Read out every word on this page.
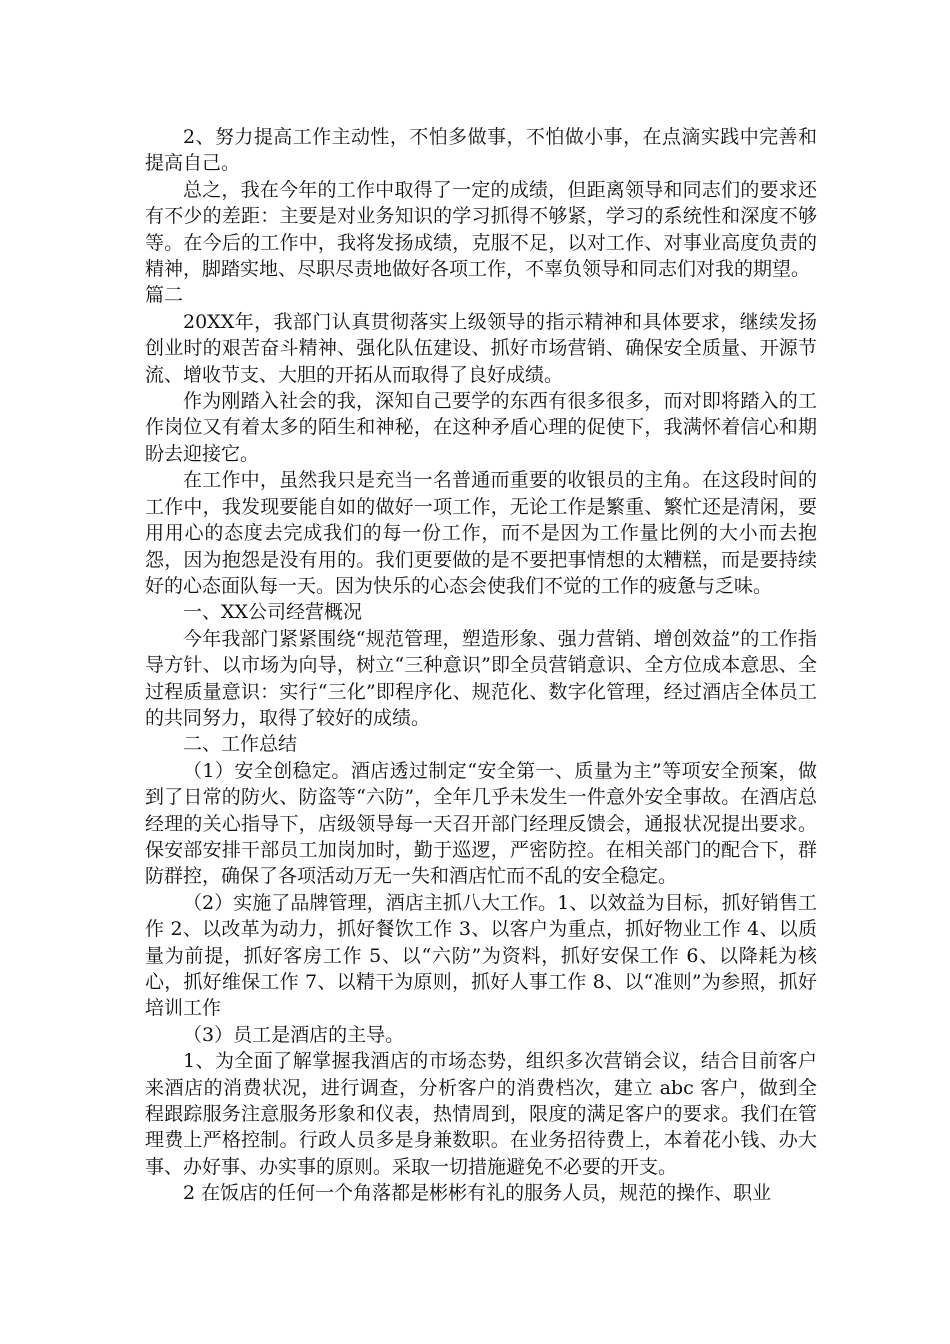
2、努力提高工作主动性，不怕多做事，不怕做小事，在点滴实践中完善和提高自己。

总之，我在今年的工作中取得了一定的成绩，但距离领导和同志们的要求还有不少的差距：主要是对业务知识的学习抓得不够紧，学习的系统性和深度不够等。在今后的工作中，我将发扬成绩，克服不足，以对工作、对事业高度负责的精神，脚踏实地、尽职尽责地做好各项工作，不辜负领导和同志们对我的期望。

篇二

20XX年，我部门认真贯彻落实上级领导的指示精神和具体要求，继续发扬创业时的艰苦奋斗精神、强化队伍建设、抓好市场营销、确保安全质量、开源节流、增收节支、大胆的开拓从而取得了良好成绩。

作为刚踏入社会的我，深知自己要学的东西有很多很多，而对即将踏入的工作岗位又有着太多的陌生和神秘，在这种矛盾心理的促使下，我满怀着信心和期盼去迎接它。

在工作中，虽然我只是充当一名普通而重要的收银员的主角。在这段时间的工作中，我发现要能自如的做好一项工作，无论工作是繁重、繁忙还是清闲，要用用心的态度去完成我们的每一份工作，而不是因为工作量比例的大小而去抱怨，因为抱怨是没有用的。我们更要做的是不要把事情想的太糟糕，而是要持续好的心态面队每一天。因为快乐的心态会使我们不觉的工作的疲惫与乏味。

一、XX公司经营概况

今年我部门紧紧围绕“规范管理，塑造形象、强力营销、增创效益”的工作指导方针、以市场为向导，树立“三种意识”即全员营销意识、全方位成本意思、全过程质量意识：实行“三化”即程序化、规范化、数字化管理，经过酒店全体员工的共同努力，取得了较好的成绩。

二、工作总结

（1）安全创稳定。酒店透过制定“安全第一、质量为主”等项安全预案，做到了日常的防火、防盗等“六防”，全年几乎未发生一件意外安全事故。在酒店总经理的关心指导下，店级领导每一天召开部门经理反馈会，通报状况提出要求。保安部安排干部员工加岗加时，勤于巡逻，严密防控。在相关部门的配合下，群防群控，确保了各项活动万无一失和酒店忙而不乱的安全稳定。

（2）实施了品牌管理，酒店主抓八大工作。1、以效益为目标，抓好销售工作 2、以改革为动力，抓好餐饮工作 3、以客户为重点，抓好物业工作 4、以质量为前提，抓好客房工作 5、以“六防”为资料，抓好安保工作 6、以降耗为核心，抓好维保工作 7、以精干为原则，抓好人事工作 8、以“准则”为参照，抓好培训工作

（3）员工是酒店的主导。

1、为全面了解掌握我酒店的市场态势，组织多次营销会议，结合目前客户来酒店的消费状况，进行调查，分析客户的消费档次，建立 abc 客户，做到全程跟踪服务注意服务形象和仪表，热情周到，限度的满足客户的要求。我们在管理费上严格控制。行政人员多是身兼数职。在业务招待费上，本着花小钱、办大事、办好事、办实事的原则。采取一切措施避免不必要的开支。

2 在饭店的任何一个角落都是彬彬有礼的服务人员，规范的操作、职业
